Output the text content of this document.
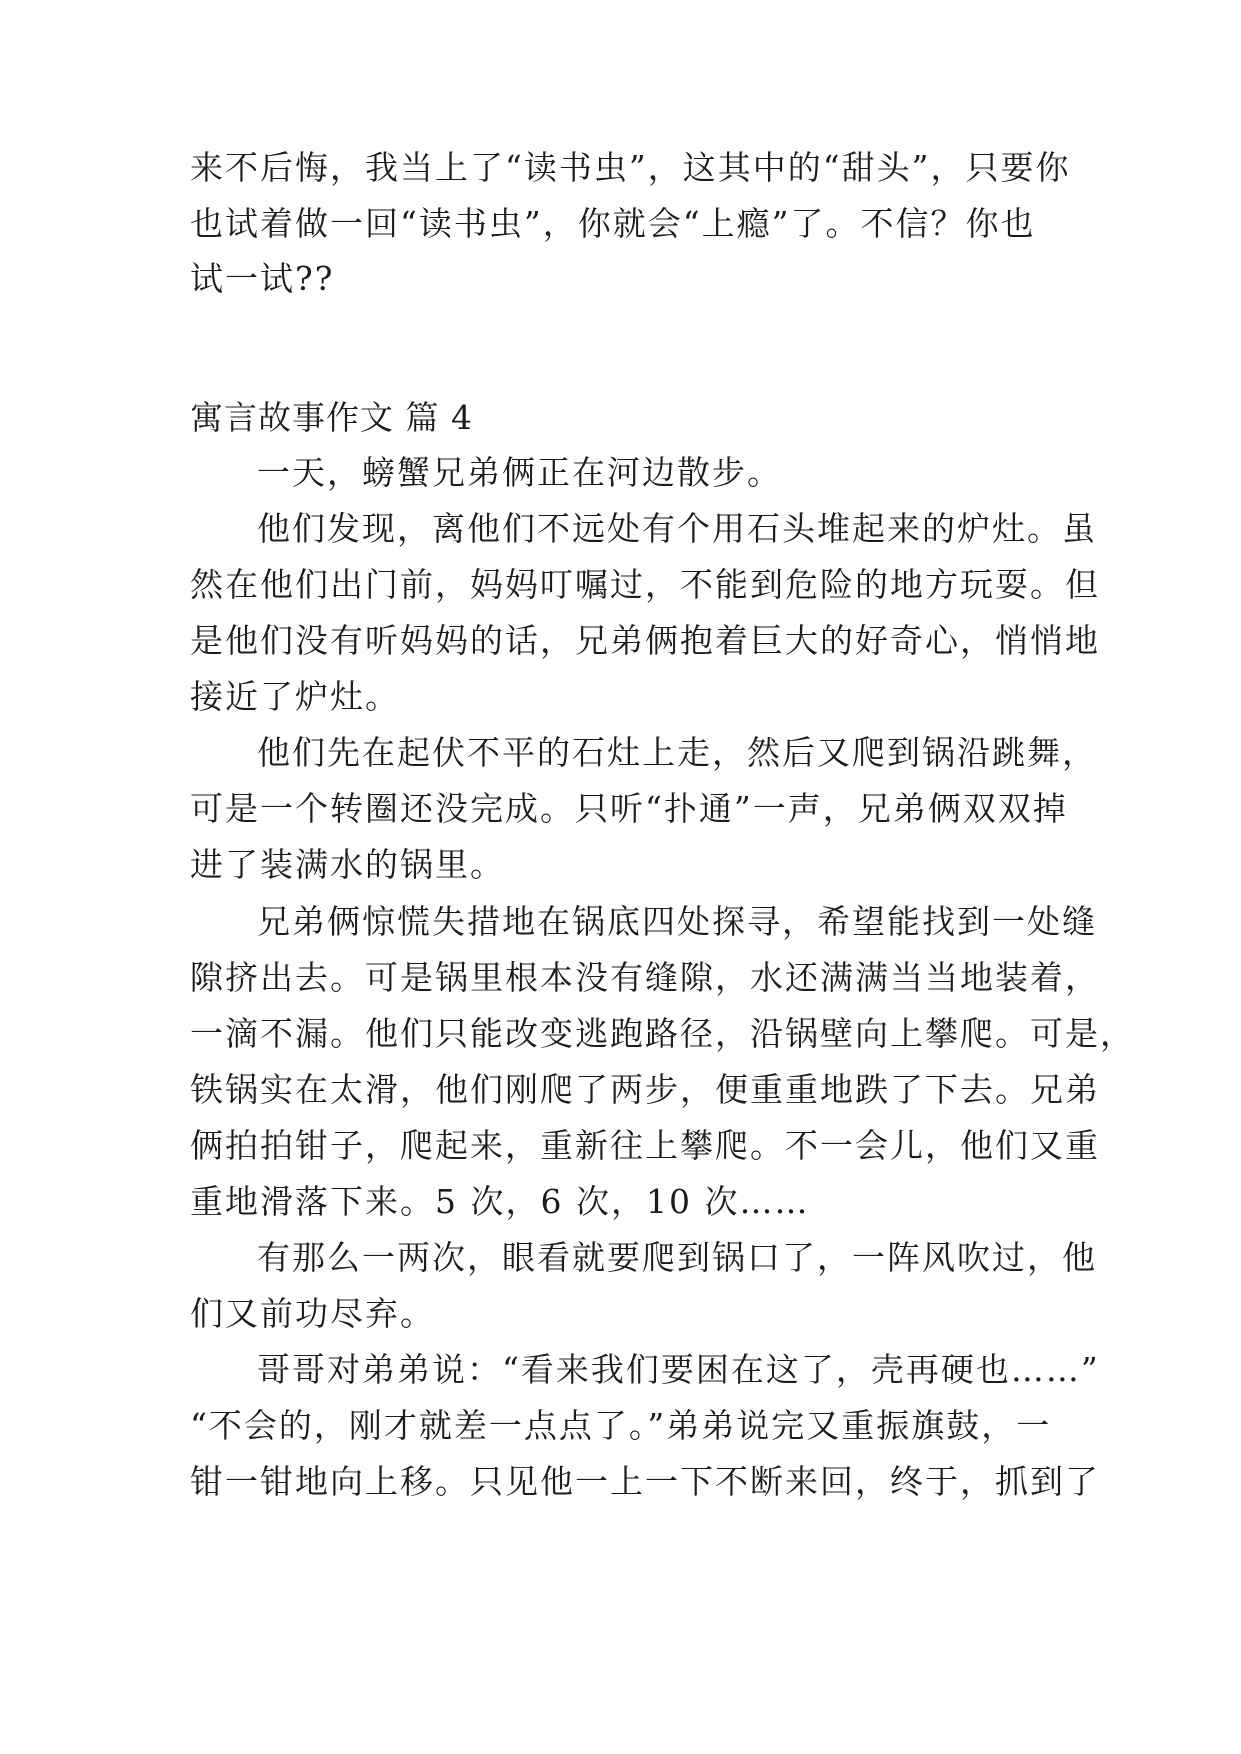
来不后悔，我当上了“读书虫”，这其中的“甜头”，只要你
也试着做一回“读书虫”，你就会“上瘾”了。不信？你也
试一试??
寓言故事作文 篇 4
一天，螃蟹兄弟俩正在河边散步。
他们发现，离他们不远处有个用石头堆起来的炉灶。虽
然在他们出门前，妈妈叮嘱过，不能到危险的地方玩耍。但
是他们没有听妈妈的话，兄弟俩抱着巨大的好奇心，悄悄地
接近了炉灶。
他们先在起伏不平的石灶上走，然后又爬到锅沿跳舞，
可是一个转圈还没完成。只听“扑通”一声，兄弟俩双双掉
进了装满水的锅里。
兄弟俩惊慌失措地在锅底四处探寻，希望能找到一处缝
隙挤出去。可是锅里根本没有缝隙，水还满满当当地装着，
一滴不漏。他们只能改变逃跑路径，沿锅壁向上攀爬。可是，
铁锅实在太滑，他们刚爬了两步，便重重地跌了下去。兄弟
俩拍拍钳子，爬起来，重新往上攀爬。不一会儿，他们又重
重地滑落下来。5 次，6 次，10 次……
有那么一两次，眼看就要爬到锅口了，一阵风吹过，他
们又前功尽弃。
哥哥对弟弟说：“看来我们要困在这了，壳再硬也……”
“不会的，刚才就差一点点了。”弟弟说完又重振旗鼓，一
钳一钳地向上移。只见他一上一下不断来回，终于，抓到了
